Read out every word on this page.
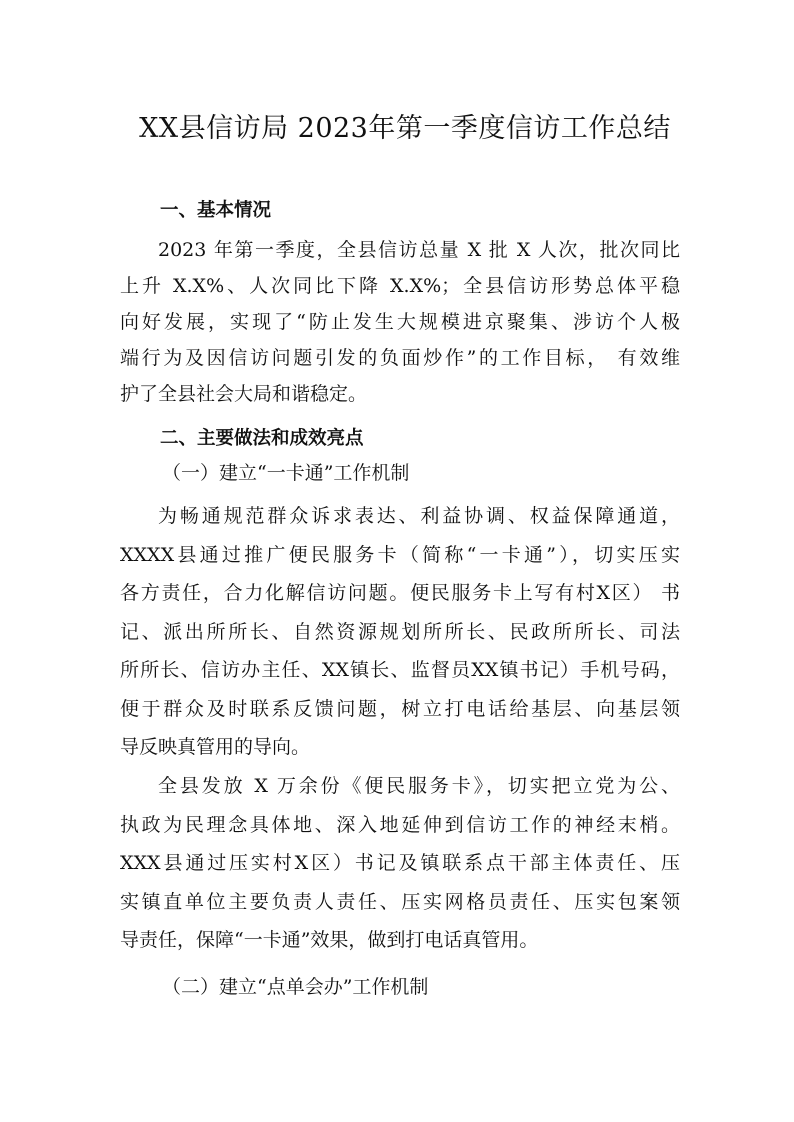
XX县信访局 2023年第一季度信访工作总结
一、基本情况
2023 年第一季度，全县信访总量 X 批 X 人次，批次同比
上升 X.X%、人次同比下降 X.X%；全县信访形势总体平稳
向好发展，实现了“防止发生大规模进京聚集、涉访个人极
端行为及因信访问题引发的负面炒作”的工作目标， 有效维
护了全县社会大局和谐稳定。
二、主要做法和成效亮点
（一）建立“一卡通”工作机制
为畅通规范群众诉求表达、利益协调、权益保障通道，
XXXX县通过推广便民服务卡（简称“一卡通”），切实压实
各方责任，合力化解信访问题。便民服务卡上写有村X区） 书
记、派出所所长、自然资源规划所所长、民政所所长、司法
所所长、信访办主任、XX镇长、监督员XX镇书记）手机号码，
便于群众及时联系反馈问题，树立打电话给基层、向基层领
导反映真管用的导向。
全县发放 X 万余份《便民服务卡》，切实把立党为公、
执政为民理念具体地、深入地延伸到信访工作的神经末梢。
XXX县通过压实村X区）书记及镇联系点干部主体责任、压
实镇直单位主要负责人责任、压实网格员责任、压实包案领
导责任，保障“一卡通”效果，做到打电话真管用。
（二）建立“点单会办”工作机制
